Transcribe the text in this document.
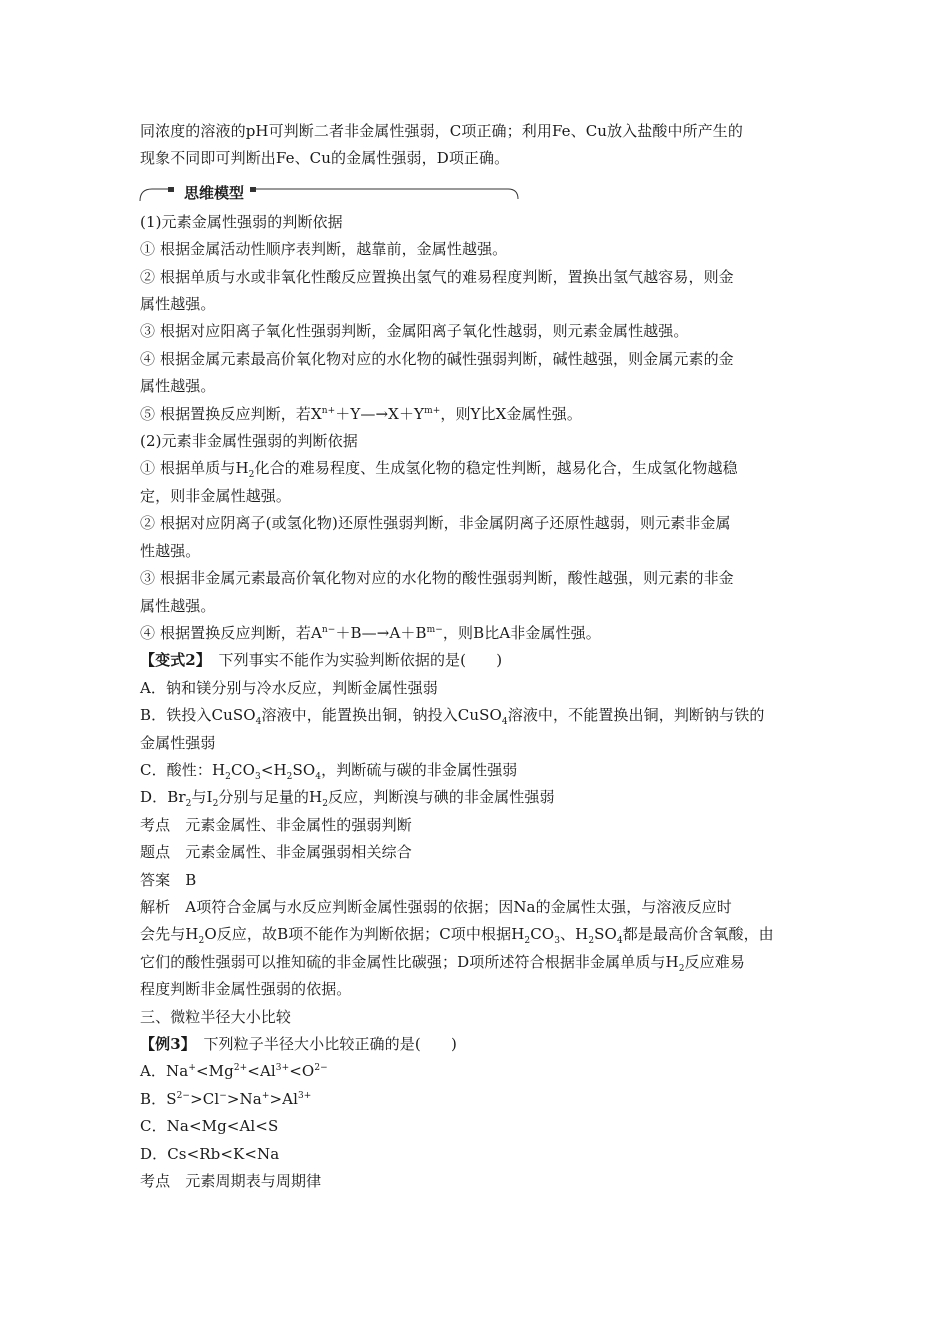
同浓度的溶液的pH可判断二者非金属性强弱，C项正确；利用Fe、Cu放入盐酸中所产生的
现象不同即可判断出Fe、Cu的金属性强弱，D项正确。
思维模型
(1)元素金属性强弱的判断依据
① 根据金属活动性顺序表判断，越靠前，金属性越强。
② 根据单质与水或非氧化性酸反应置换出氢气的难易程度判断，置换出氢气越容易，则金
属性越强。
③ 根据对应阳离子氧化性强弱判断，金属阳离子氧化性越弱，则元素金属性越强。
④ 根据金属元素最高价氧化物对应的水化物的碱性强弱判断，碱性越强，则金属元素的金
属性越强。
⑤ 根据置换反应判断，若$X^{n+}+Y—\to X+Y^{m+}$，则Y比X金属性强。
(2)元素非金属性强弱的判断依据
① 根据单质与$H_2$化合的难易程度、生成氢化物的稳定性判断，越易化合，生成氢化物越稳
定，则非金属性越强。
② 根据对应阴离子(或氢化物)还原性强弱判断，非金属阴离子还原性越弱，则元素非金属
性越强。
③ 根据非金属元素最高价氧化物对应的水化物的酸性强弱判断，酸性越强，则元素的非金
属性越强。
④ 根据置换反应判断，若$A^{n-}+B—\to A+B^{m-}$，则B比A非金属性强。
【变式2】　 下列事实不能作为实验判断依据的是(　　)
A．钠和镁分别与冷水反应，判断金属性强弱
B．铁投入CuSO$_4$溶液中，能置换出铜，钠投入CuSO$_4$溶液中，不能置换出铜，判断钠与铁的
金属性强弱
C．酸性：$H_2CO_3<H_2SO_4$，判断硫与碳的非金属性强弱
D．$Br_2$与$I_2$分别与足量的$H_2$反应，判断溴与碘的非金属性强弱
考点　元素金属性、非金属性的强弱判断
题点　元素金属性、非金属强弱相关综合
答案　B
解析　A项符合金属与水反应判断金属性强弱的依据；因Na的金属性太强，与溶液反应时
会先与$H_2O$反应，故B项不能作为判断依据；C项中根据$H_2CO_3$、$H_2SO_4$都是最高价含氧酸，由
它们的酸性强弱可以推知硫的非金属性比碳强；D项所述符合根据非金属单质与$H_2$反应难易
程度判断非金属性强弱的依据。
三、微粒半径大小比较
【例3】　 下列粒子半径大小比较正确的是(　　)
A．$Na^+<Mg^{2+}<Al^{3+}<O^{2-}$
B．$S^{2-}>Cl^->Na^+>Al^{3+}$
C．Na<Mg<Al<S
D．Cs<Rb<K<Na
考点　元素周期表与周期律
